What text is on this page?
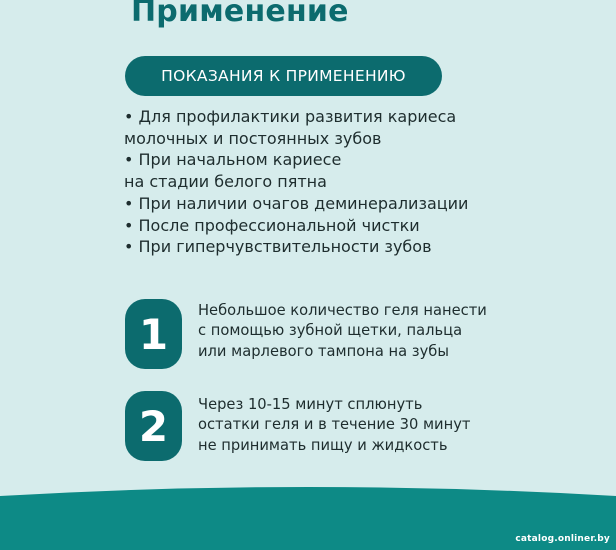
Применение
ПОКАЗАНИЯ К ПРИМЕНЕНИЮ
• Для профилактики развития кариеса
молочных и постоянных зубов
• При начальном кариесе
на стадии белого пятна
• При наличии очагов деминерализации
• После профессиональной чистки
• При гиперчувствительности зубов
1 Небольшое количество геля нанести
с помощью зубной щетки, пальца
или марлевого тампона на зубы
2 Через 10-15 минут сплюнуть
остатки геля и в течение 30 минут
не принимать пищу и жидкость
catalog.onliner.by
